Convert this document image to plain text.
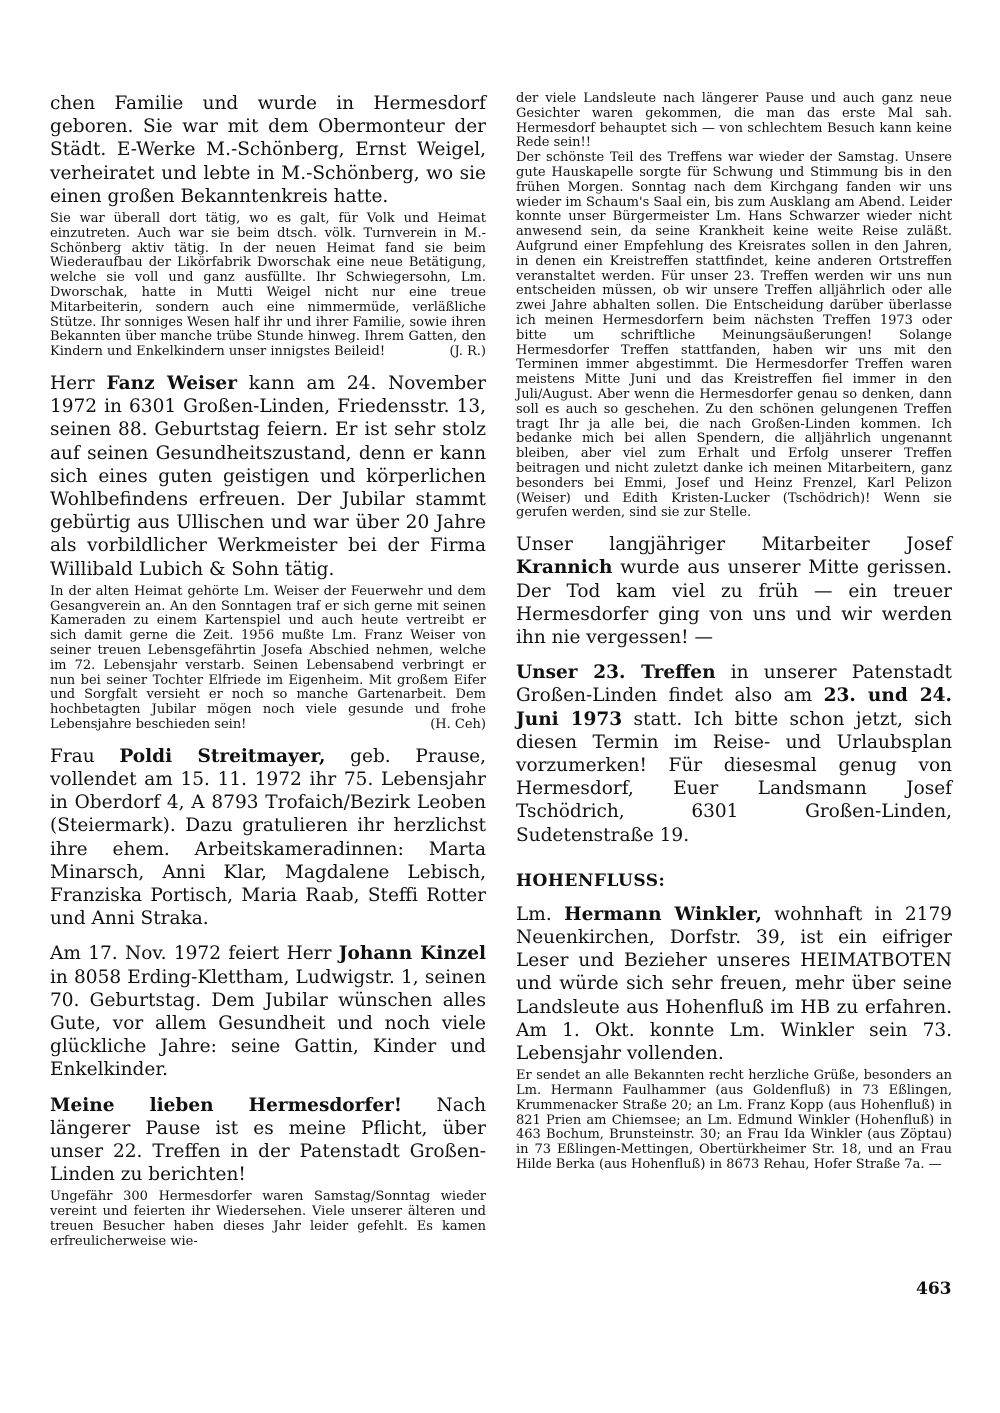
chen Familie und wurde in Hermesdorf geboren. Sie war mit dem Obermonteur der Städt. E-Werke M.-Schönberg, Ernst Weigel, verheiratet und lebte in M.-Schönberg, wo sie einen großen Bekanntenkreis hatte.

Sie war überall dort tätig, wo es galt, für Volk und Heimat einzutreten. Auch war sie beim dtsch. völk. Turnverein in M.-Schönberg aktiv tätig. In der neuen Heimat fand sie beim Wiederaufbau der Likörfabrik Dworschak eine neue Betätigung, welche sie voll und ganz ausfüllte. Ihr Schwiegersohn, Lm. Dworschak, hatte in Mutti Weigel nicht nur eine treue Mitarbeiterin, sondern auch eine nimmermüde, verläßliche Stütze. Ihr sonniges Wesen half ihr und ihrer Familie, sowie ihren Bekannten über manche trübe Stunde hinweg. Ihrem Gatten, den Kindern und Enkelkindern unser innigstes Beileid!	(J. R.)

Herr Fanz Weiser kann am 24. November 1972 in 6301 Großen-Linden, Friedensstr. 13, seinen 88. Geburtstag feiern. Er ist sehr stolz auf seinen Gesundheitszustand, denn er kann sich eines guten geistigen und körperlichen Wohlbefindens erfreuen. Der Jubilar stammt gebürtig aus Ullischen und war über 20 Jahre als vorbildlicher Werkmeister bei der Firma Willibald Lubich & Sohn tätig.

In der alten Heimat gehörte Lm. Weiser der Feuerwehr und dem Gesangverein an. An den Sonntagen traf er sich gerne mit seinen Kameraden zu einem Kartenspiel und auch heute vertreibt er sich damit gerne die Zeit. 1956 mußte Lm. Franz Weiser von seiner treuen Lebensgefährtin Josefa Abschied nehmen, welche im 72. Lebensjahr verstarb. Seinen Lebensabend verbringt er nun bei seiner Tochter Elfriede im Eigenheim. Mit großem Eifer und Sorgfalt versieht er noch so manche Gartenarbeit. Dem hochbetagten Jubilar mögen noch viele gesunde und frohe Lebensjahre beschieden sein!	(H. Ceh)

Frau Poldi Streitmayer, geb. Prause, vollendet am 15. 11. 1972 ihr 75. Lebensjahr in Oberdorf 4, A 8793 Trofaich/Bezirk Leoben (Steiermark). Dazu gratulieren ihr herzlichst ihre ehem. Arbeitskameradinnen: Marta Minarsch, Anni Klar, Magdalene Lebisch, Franziska Portisch, Maria Raab, Steffi Rotter und Anni Straka.

Am 17. Nov. 1972 feiert Herr Johann Kinzel in 8058 Erding-Klettham, Ludwigstr. 1, seinen 70. Geburtstag. Dem Jubilar wünschen alles Gute, vor allem Gesundheit und noch viele glückliche Jahre: seine Gattin, Kinder und Enkelkinder.

Meine lieben Hermesdorfer! Nach längerer Pause ist es meine Pflicht, über unser 22. Treffen in der Patenstadt Großen-Linden zu berichten!

Ungefähr 300 Hermesdorfer waren Samstag/Sonntag wieder vereint und feierten ihr Wiedersehen. Viele unserer älteren und treuen Besucher haben dieses Jahr leider gefehlt. Es kamen erfreulicherweise wie-

der viele Landsleute nach längerer Pause und auch ganz neue Gesichter waren gekommen, die man das erste Mal sah. Hermesdorf behauptet sich — von schlechtem Besuch kann keine Rede sein!!

Der schönste Teil des Treffens war wieder der Samstag. Unsere gute Hauskapelle sorgte für Schwung und Stimmung bis in den frühen Morgen. Sonntag nach dem Kirchgang fanden wir uns wieder im Schaum's Saal ein, bis zum Ausklang am Abend. Leider konnte unser Bürgermeister Lm. Hans Schwarzer wieder nicht anwesend sein, da seine Krankheit keine weite Reise zuläßt. Aufgrund einer Empfehlung des Kreisrates sollen in den Jahren, in denen ein Kreistreffen stattfindet, keine anderen Ortstreffen veranstaltet werden. Für unser 23. Treffen werden wir uns nun entscheiden müssen, ob wir unsere Treffen alljährlich oder alle zwei Jahre abhalten sollen. Die Entscheidung darüber überlasse ich meinen Hermesdorfern beim nächsten Treffen 1973 oder bitte um schriftliche Meinungsäußerungen! Solange Hermesdorfer Treffen stattfanden, haben wir uns mit den Terminen immer abgestimmt. Die Hermesdorfer Treffen waren meistens Mitte Juni und das Kreistreffen fiel immer in den Juli/August. Aber wenn die Hermesdorfer genau so denken, dann soll es auch so geschehen. Zu den schönen gelungenen Treffen tragt Ihr ja alle bei, die nach Großen-Linden kommen. Ich bedanke mich bei allen Spendern, die alljährlich ungenannt bleiben, aber viel zum Erhalt und Erfolg unserer Treffen beitragen und nicht zuletzt danke ich meinen Mitarbeitern, ganz besonders bei Emmi, Josef und Heinz Frenzel, Karl Pelizon (Weiser) und Edith Kristen-Lucker (Tschödrich)! Wenn sie gerufen werden, sind sie zur Stelle.

Unser langjähriger Mitarbeiter Josef Krannich wurde aus unserer Mitte gerissen. Der Tod kam viel zu früh — ein treuer Hermesdorfer ging von uns und wir werden ihn nie vergessen! —

Unser 23. Treffen in unserer Patenstadt Großen-Linden findet also am 23. und 24. Juni 1973 statt. Ich bitte schon jetzt, sich diesen Termin im Reise- und Urlaubsplan vorzumerken! Für diesesmal genug von Hermesdorf, Euer Landsmann Josef Tschödrich, 6301 Großen-Linden, Sudetenstraße 19.

HOHENFLUSS:

Lm. Hermann Winkler, wohnhaft in 2179 Neuenkirchen, Dorfstr. 39, ist ein eifriger Leser und Bezieher unseres HEIMATBOTEN und würde sich sehr freuen, mehr über seine Landsleute aus Hohenfluß im HB zu erfahren. Am 1. Okt. konnte Lm. Winkler sein 73. Lebensjahr vollenden.

Er sendet an alle Bekannten recht herzliche Grüße, besonders an Lm. Hermann Faulhammer (aus Goldenfluß) in 73 Eßlingen, Krummenacker Straße 20; an Lm. Franz Kopp (aus Hohenfluß) in 821 Prien am Chiemsee; an Lm. Edmund Winkler (Hohenfluß) in 463 Bochum, Brunsteinstr. 30; an Frau Ida Winkler (aus Zöptau) in 73 Eßlingen-Mettingen, Obertürkheimer Str. 18, und an Frau Hilde Berka (aus Hohenfluß) in 8673 Rehau, Hofer Straße 7a. —

463
